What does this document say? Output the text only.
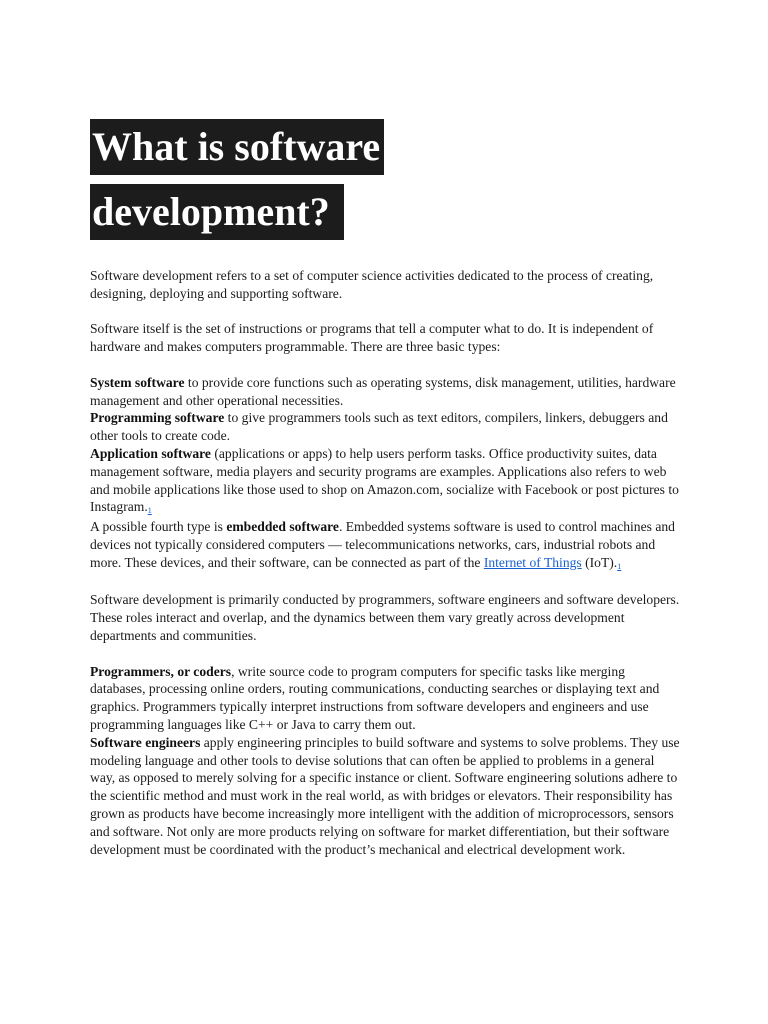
What is software
development?

Software development refers to a set of computer science activities dedicated to the process of creating, designing, deploying and supporting software.

Software itself is the set of instructions or programs that tell a computer what to do. It is independent of hardware and makes computers programmable. There are three basic types:

System software to provide core functions such as operating systems, disk management, utilities, hardware management and other operational necessities.

Programming software to give programmers tools such as text editors, compilers, linkers, debuggers and other tools to create code.

Application software (applications or apps) to help users perform tasks. Office productivity suites, data management software, media players and security programs are examples. Applications also refers to web and mobile applications like those used to shop on Amazon.com, socialize with Facebook or post pictures to Instagram.1

A possible fourth type is embedded software. Embedded systems software is used to control machines and devices not typically considered computers — telecommunications networks, cars, industrial robots and more. These devices, and their software, can be connected as part of the Internet of Things (IoT).1

Software development is primarily conducted by programmers, software engineers and software developers. These roles interact and overlap, and the dynamics between them vary greatly across development departments and communities.

Programmers, or coders, write source code to program computers for specific tasks like merging databases, processing online orders, routing communications, conducting searches or displaying text and graphics. Programmers typically interpret instructions from software developers and engineers and use programming languages like C++ or Java to carry them out.

Software engineers apply engineering principles to build software and systems to solve problems. They use modeling language and other tools to devise solutions that can often be applied to problems in a general way, as opposed to merely solving for a specific instance or client. Software engineering solutions adhere to the scientific method and must work in the real world, as with bridges or elevators. Their responsibility has grown as products have become increasingly more intelligent with the addition of microprocessors, sensors and software. Not only are more products relying on software for market differentiation, but their software development must be coordinated with the product’s mechanical and electrical development work.
